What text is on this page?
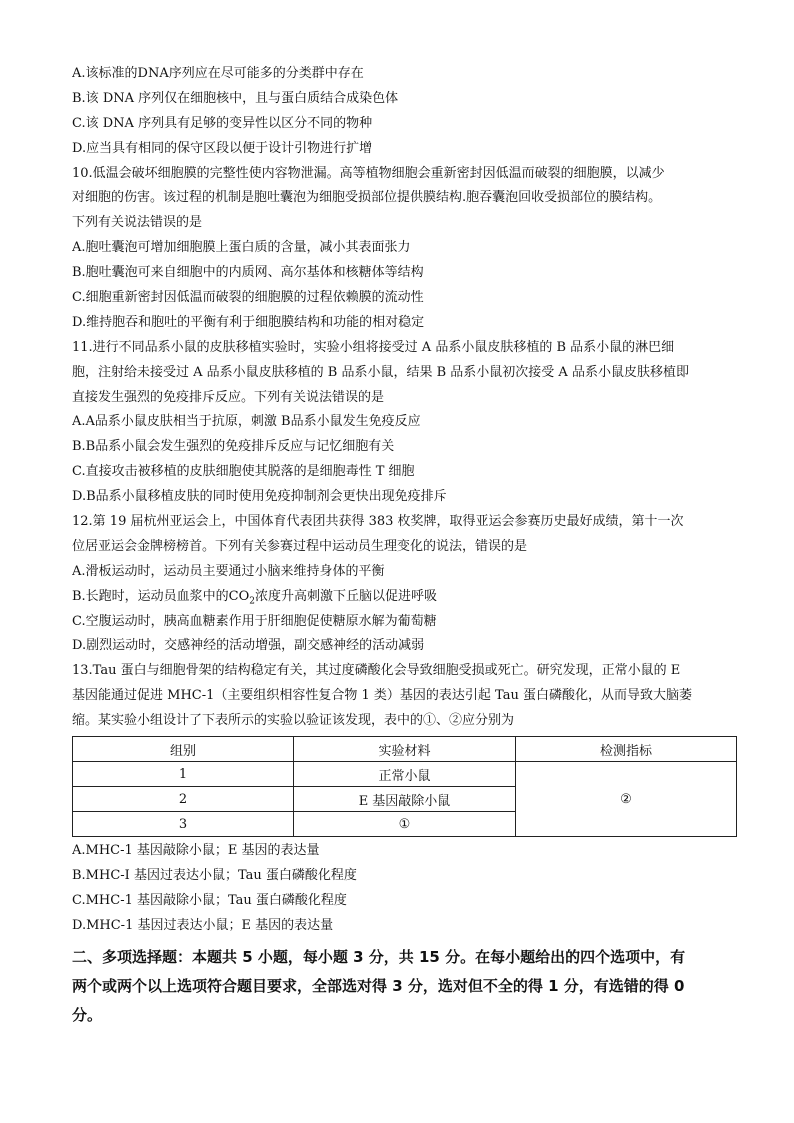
A.该标准的DNA序列应在尽可能多的分类群中存在
B.该 DNA 序列仅在细胞核中，且与蛋白质结合成染色体
C.该 DNA 序列具有足够的变异性以区分不同的物种
D.应当具有相同的保守区段以便于设计引物进行扩增
10.低温会破坏细胞膜的完整性使内容物泄漏。高等植物细胞会重新密封因低温而破裂的细胞膜，以减少
对细胞的伤害。该过程的机制是胞吐囊泡为细胞受损部位提供膜结构.胞吞囊泡回收受损部位的膜结构。
下列有关说法错误的是
A.胞吐囊泡可增加细胞膜上蛋白质的含量，减小其表面张力
B.胞吐囊泡可来自细胞中的内质网、高尔基体和核糖体等结构
C.细胞重新密封因低温而破裂的细胞膜的过程依赖膜的流动性
D.维持胞吞和胞吐的平衡有利于细胞膜结构和功能的相对稳定
11.进行不同品系小鼠的皮肤移植实验时，实验小组将接受过 A 品系小鼠皮肤移植的 B 品系小鼠的淋巴细
胞，注射给未接受过 A 品系小鼠皮肤移植的 B 品系小鼠，结果 B 品系小鼠初次接受 A 品系小鼠皮肤移植即
直接发生强烈的免疫排斥反应。下列有关说法错误的是
A.A品系小鼠皮肤相当于抗原，刺激 B品系小鼠发生免疫反应
B.B品系小鼠会发生强烈的免疫排斥反应与记忆细胞有关
C.直接攻击被移植的皮肤细胞使其脱落的是细胞毒性 T 细胞
D.B品系小鼠移植皮肤的同时使用免疫抑制剂会更快出现免疫排斥
12.第 19 届杭州亚运会上，中国体育代表团共获得 383 枚奖牌，取得亚运会参赛历史最好成绩，第十一次
位居亚运会金牌榜榜首。下列有关参赛过程中运动员生理变化的说法，错误的是
A.滑板运动时，运动员主要通过小脑来维持身体的平衡
B.长跑时，运动员血浆中的$CO_2$浓度升高刺激下丘脑以促进呼吸
C.空腹运动时，胰高血糖素作用于肝细胞促使糖原水解为葡萄糖
D.剧烈运动时，交感神经的活动增强，副交感神经的活动减弱
13.Tau 蛋白与细胞骨架的结构稳定有关，其过度磷酸化会导致细胞受损或死亡。研究发现，正常小鼠的 E
基因能通过促进 MHC-1（主要组织相容性复合物 1 类）基因的表达引起 Tau 蛋白磷酸化，从而导致大脑萎
缩。某实验小组设计了下表所示的实验以验证该发现，表中的①、②应分别为
组别	实验材料	检测指标
1	正常小鼠	②
2	E 基因敲除小鼠	
3	①	
A.MHC-1 基因敲除小鼠；E 基因的表达量
B.MHC-I 基因过表达小鼠；Tau 蛋白磷酸化程度
C.MHC-1 基因敲除小鼠；Tau 蛋白磷酸化程度
D.MHC-1 基因过表达小鼠；E 基因的表达量
二、多项选择题：本题共 5 小题，每小题 3 分，共 15 分。在每小题给出的四个选项中，有
两个或两个以上选项符合题目要求，全部选对得 3 分，选对但不全的得 1 分，有选错的得 0
分。
